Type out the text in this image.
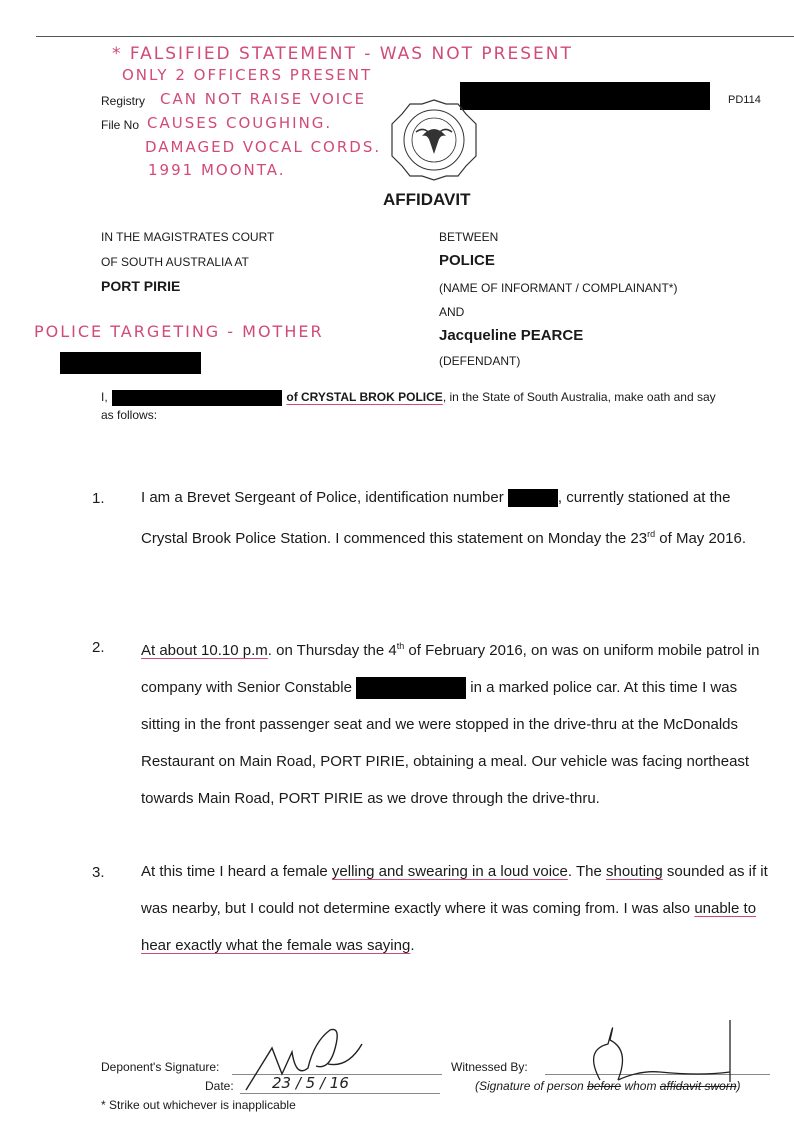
* FALSIFIED STATEMENT - WAS NOT PRESENT
ONLY 2 OFFICERS PRESENT
Registry CAN NOT RAISE VOICE
File No CAUSES COUGHING.
DAMAGED VOCAL CORDS.
1991 MOONTA.
PD114
AFFIDAVIT
IN THE MAGISTRATES COURT
OF SOUTH AUSTRALIA AT
PORT PIRIE
BETWEEN
POLICE
(NAME OF INFORMANT / COMPLAINANT*)
AND
Jacqueline PEARCE
(DEFENDANT)
POLICE TARGETING - MOTHER
I,	of CRYSTAL BROK POLICE, in the State of South Australia, make oath and say
as follows:
1. I am a Brevet Sergeant of Police, identification number	, currently stationed at the Crystal Brook Police Station. I commenced this statement on Monday the 23rd of May 2016.
2. At about 10.10 p.m. on Thursday the 4th of February 2016, on was on uniform mobile patrol in company with Senior Constable	in a marked police car. At this time I was sitting in the front passenger seat and we were stopped in the drive-thru at the McDonalds Restaurant on Main Road, PORT PIRIE, obtaining a meal. Our vehicle was facing northeast towards Main Road, PORT PIRIE as we drove through the drive-thru.
3. At this time I heard a female yelling and swearing in a loud voice. The shouting sounded as if it was nearby, but I could not determine exactly where it was coming from. I was also unable to hear exactly what the female was saying.
Deponent's Signature:
Date:	23 / 5 / 16
Witnessed By:
(Signature of person before whom affidavit sworn)
* Strike out whichever is inapplicable
